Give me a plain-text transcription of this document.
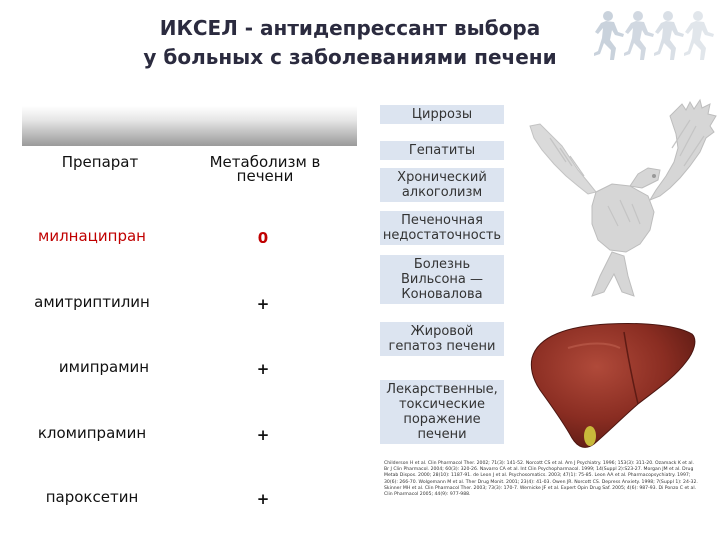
ИКСЕЛ - антидепрессант выбора
у больных с заболеваниями печени
Препарат	Метаболизм в
печени
милнаципран	0
амитриптилин	+
имипрамин	+
кломипрамин	+
пароксетин	+
Циррозы
Гепатиты
Хронический
алкоголизм
Печеночная
недостаточность
Болезнь
Вильсона —
Коновалова
Жировой
гепатоз печени
Лекарственные,
токсические
поражение
печени
Childerson H et al. Clin Pharmacol Ther. 2002; 71(3): 141-52. Norcott CS et al. Am J Psychiatry. 1996; 153(3): 311-20. Ozamack K et al. Br J Clin Pharmacol. 2004; 60(3): 320-26. Navarro CA et al. Int Clin Psychopharmacol. 1999; 14(Suppl 2):S23-27. Morgan JM et al. Drug Metab Dispos. 2000; 28(10): 1187-91. de Leon J et al. Psychosomatics. 2003; 47(1): 75-85. Leon AA et al. Pharmacopsychiatry. 1997; 30(6): 266-70. Wolgemann M et al. Ther Drug Monit. 2001; 23(4): 41-03. Owen JR. Norcott CS. Depress Anxiety. 1998; 7(Suppl 1): 24-32. Skinner MH et al. Clin Pharmacol Ther. 2003; 73(3): 170-7. Wernicke JF et al. Expert Opin Drug Saf. 2005; 4(6): 987-93. Di Ponzo C et al. Clin Pharmacol 2005; 44(9): 977-988.
